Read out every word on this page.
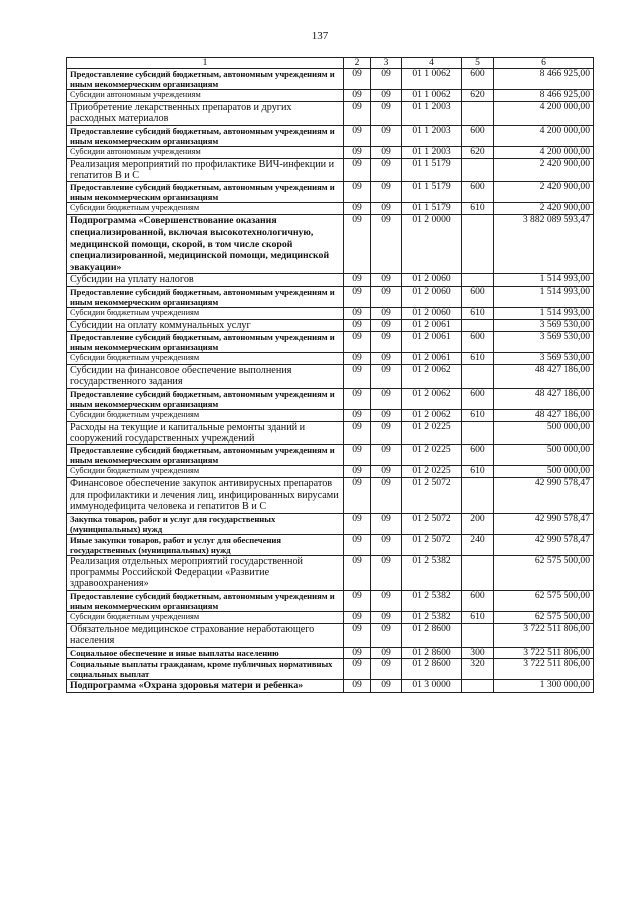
137
1	2	3	4	5	6
Предоставление субсидий бюджетным, автономным учреждениям и иным некоммерческим организациям	09	09	01 1 0062	600	8 466 925,00
Субсидии автономным учреждениям	09	09	01 1 0062	620	8 466 925,00
Приобретение лекарственных препаратов и других расходных материалов	09	09	01 1 2003		4 200 000,00
Предоставление субсидий бюджетным, автономным учреждениям и иным некоммерческим организациям	09	09	01 1 2003	600	4 200 000,00
Субсидии автономным учреждениям	09	09	01 1 2003	620	4 200 000,00
Реализация мероприятий по профилактике ВИЧ-инфекции и гепатитов В и С	09	09	01 1 5179		2 420 900,00
Предоставление субсидий бюджетным, автономным учреждениям и иным некоммерческим организациям	09	09	01 1 5179	600	2 420 900,00
Субсидии бюджетным учреждениям	09	09	01 1 5179	610	2 420 900,00
Подпрограмма «Совершенствование оказания специализированной, включая высокотехнологичную, медицинской помощи, скорой, в том числе скорой специализированной, медицинской помощи, медицинской эвакуации»	09	09	01 2 0000		3 882 089 593,47
Субсидии на уплату налогов	09	09	01 2 0060		1 514 993,00
Предоставление субсидий бюджетным, автономным учреждениям и иным некоммерческим организациям	09	09	01 2 0060	600	1 514 993,00
Субсидии бюджетным учреждениям	09	09	01 2 0060	610	1 514 993,00
Субсидии на оплату коммунальных услуг	09	09	01 2 0061		3 569 530,00
Предоставление субсидий бюджетным, автономным учреждениям и иным некоммерческим организациям	09	09	01 2 0061	600	3 569 530,00
Субсидии бюджетным учреждениям	09	09	01 2 0061	610	3 569 530,00
Субсидии на финансовое обеспечение выполнения государственного задания	09	09	01 2 0062		48 427 186,00
Предоставление субсидий бюджетным, автономным учреждениям и иным некоммерческим организациям	09	09	01 2 0062	600	48 427 186,00
Субсидии бюджетным учреждениям	09	09	01 2 0062	610	48 427 186,00
Расходы на текущие и капитальные ремонты зданий и сооружений государственных учреждений	09	09	01 2 0225		500 000,00
Предоставление субсидий бюджетным, автономным учреждениям и иным некоммерческим организациям	09	09	01 2 0225	600	500 000,00
Субсидии бюджетным учреждениям	09	09	01 2 0225	610	500 000,00
Финансовое обеспечение закупок антивирусных препаратов для профилактики и лечения лиц, инфицированных вирусами иммунодефицита человека и гепатитов В и С	09	09	01 2 5072		42 990 578,47
Закупка товаров, работ и услуг для государственных (муниципальных) нужд	09	09	01 2 5072	200	42 990 578,47
Иные закупки товаров, работ и услуг для обеспечения государственных (муниципальных) нужд	09	09	01 2 5072	240	42 990 578,47
Реализация отдельных мероприятий государственной программы Российской Федерации «Развитие здравоохранения»	09	09	01 2 5382		62 575 500,00
Предоставление субсидий бюджетным, автономным учреждениям и иным некоммерческим организациям	09	09	01 2 5382	600	62 575 500,00
Субсидии бюджетным учреждениям	09	09	01 2 5382	610	62 575 500,00
Обязательное медицинское страхование неработающего населения	09	09	01 2 8600		3 722 511 806,00
Социальное обеспечение и иные выплаты населению	09	09	01 2 8600	300	3 722 511 806,00
Социальные выплаты гражданам, кроме публичных нормативных социальных выплат	09	09	01 2 8600	320	3 722 511 806,00
Подпрограмма «Охрана здоровья матери и ребенка»	09	09	01 3 0000		1 300 000,00
